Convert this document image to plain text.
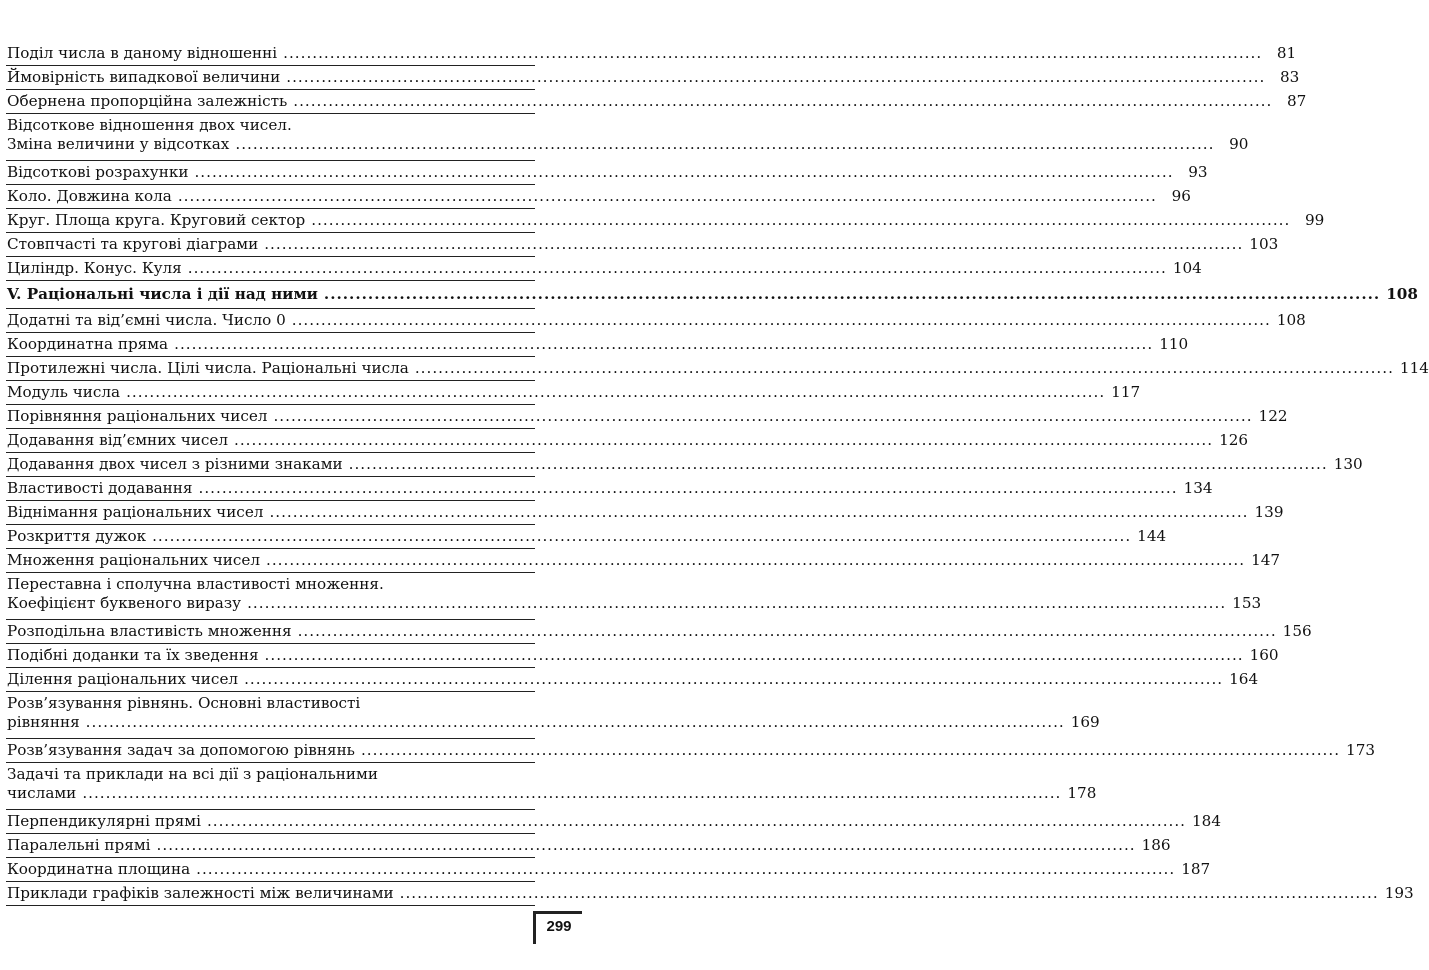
Поділ числа в даному відношенні .....	81
Ймовірність випадкової величини .....	83
Обернена пропорційна залежність .....	87
Відсоткове відношення двох чисел.
Зміна величини у відсотках .....	90
Відсоткові розрахунки .....	93
Коло. Довжина кола .....	96
Круг. Площа круга. Круговий сектор .....	99
Стовпчасті та кругові діаграми .....	103
Циліндр. Конус. Куля .....	104
V. Раціональні числа і дії над ними .....	108
Додатні та від’ємні числа. Число 0 .....	108
Координатна пряма .....	110
Протилежні числа. Цілі числа. Раціональні числа .....	114
Модуль числа .....	117
Порівняння раціональних чисел .....	122
Додавання від’ємних чисел .....	126
Додавання двох чисел з різними знаками .....	130
Властивості додавання .....	134
Віднімання раціональних чисел .....	139
Розкриття дужок .....	144
Множення раціональних чисел .....	147
Переставна і сполучна властивості множення.
Коефіцієнт буквеного виразу .....	153
Розподільна властивість множення .....	156
Подібні доданки та їх зведення .....	160
Ділення раціональних чисел .....	164
Розв’язування рівнянь. Основні властивості
рівняння .....	169
Розв’язування задач за допомогою рівнянь .....	173
Задачі та приклади на всі дії з раціональними
числами .....	178
Перпендикулярні прямі .....	184
Паралельні прямі .....	186
Координатна площина .....	187
Приклади графіків залежності між величинами .....	193
299
